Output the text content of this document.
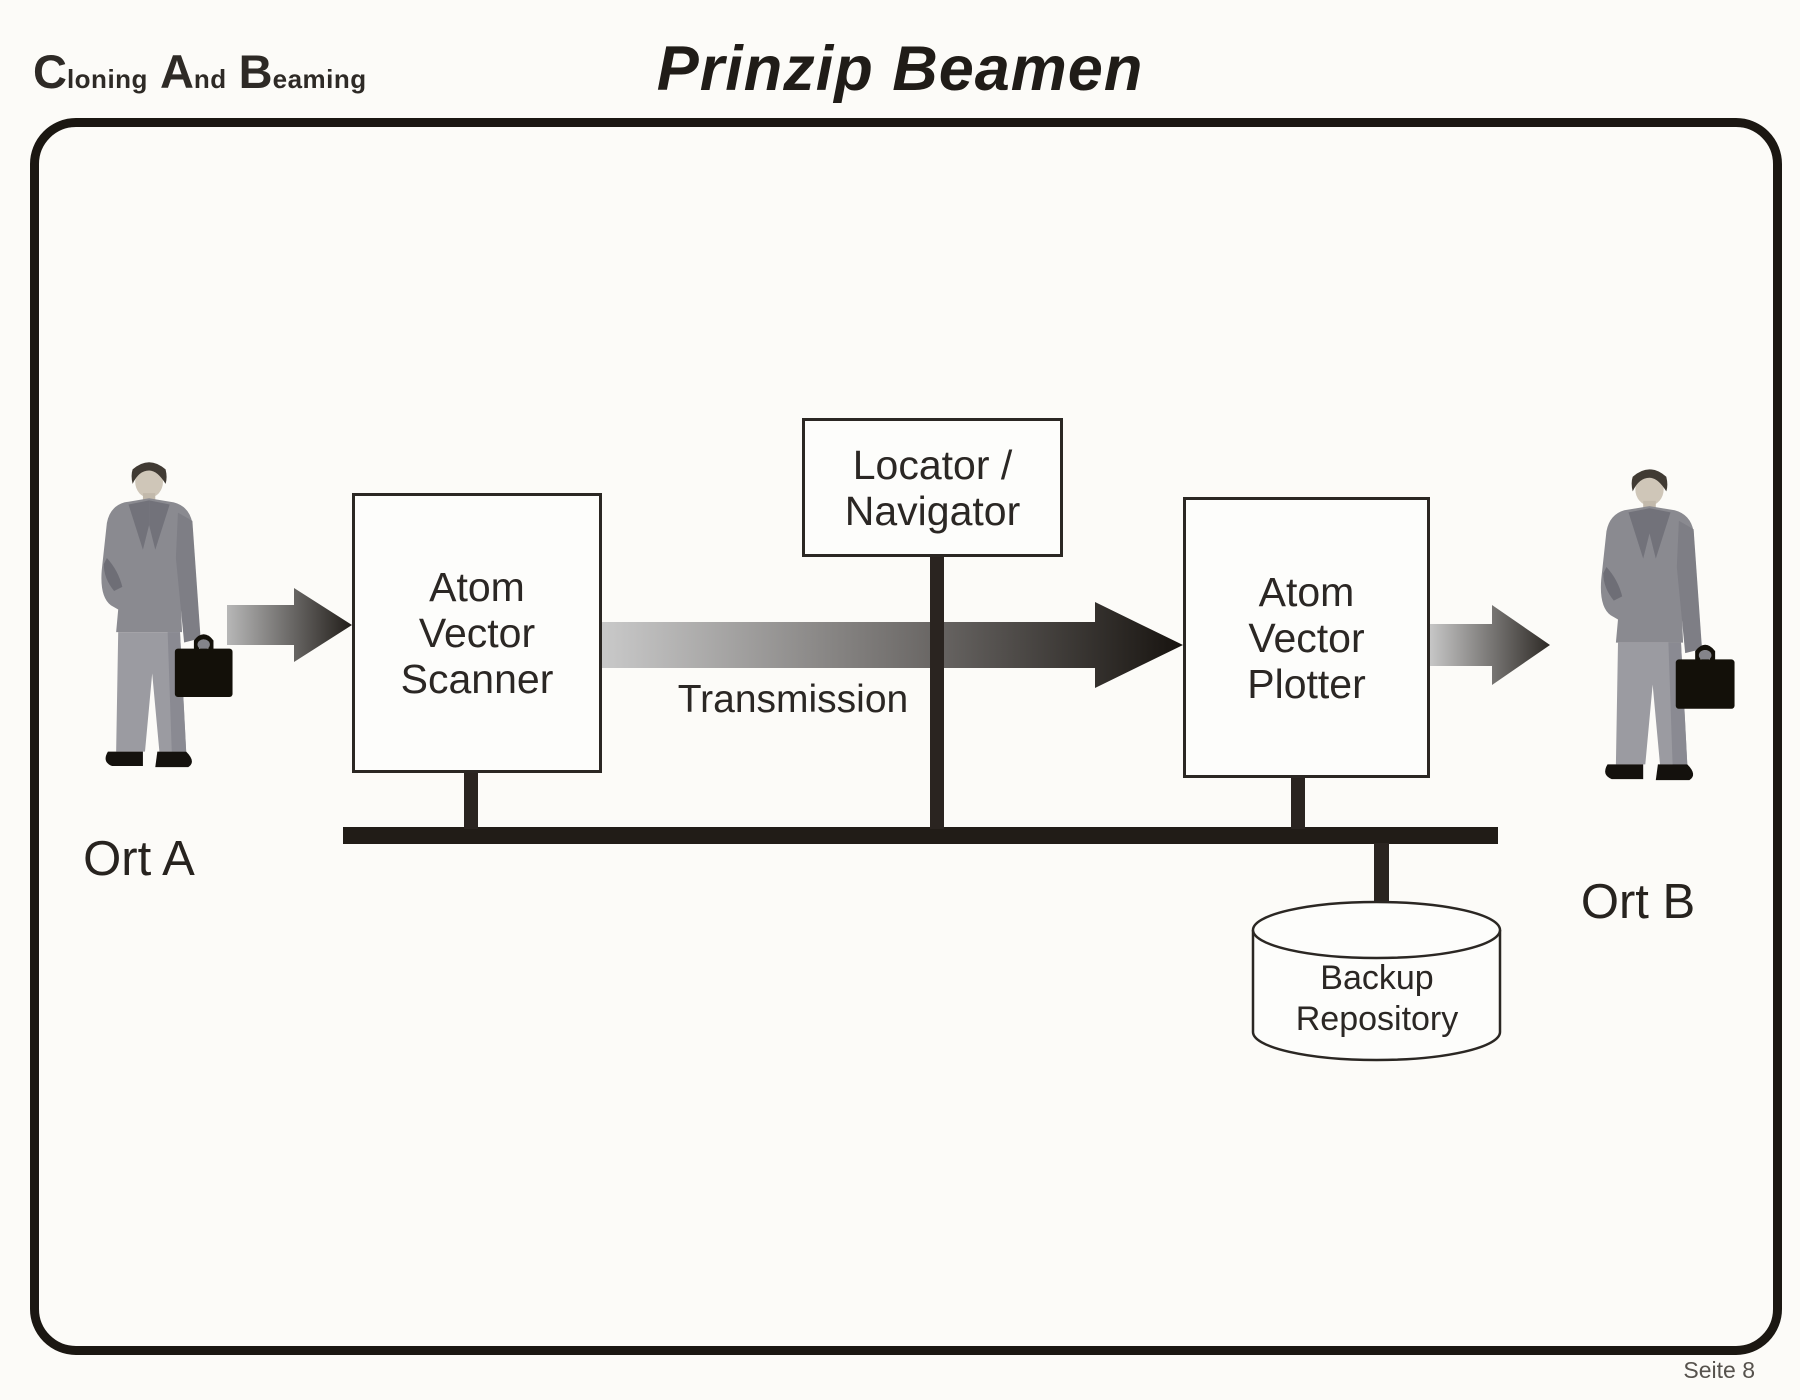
Cloning And Beaming	Prinzip Beamen
Atom
Vector
Scanner
Locator /
Navigator
Atom
Vector
Plotter
Transmission
Ort A
Ort B
Backup
Repository
Seite 8
